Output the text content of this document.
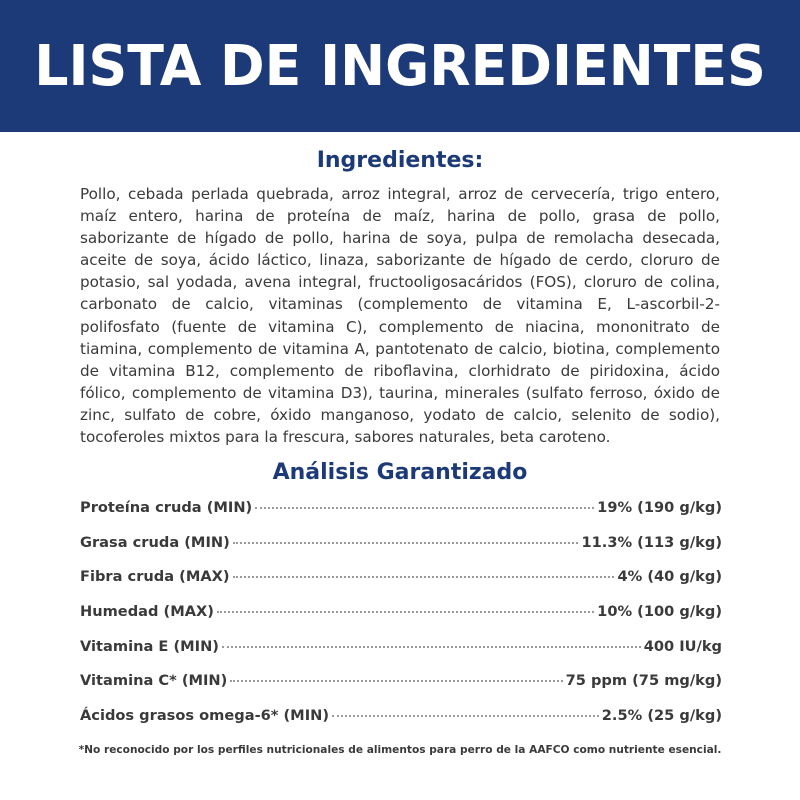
LISTA DE INGREDIENTES
Ingredientes:

Pollo, cebada perlada quebrada, arroz integral, arroz de cervecería, trigo entero, maíz entero, harina de proteína de maíz, harina de pollo, grasa de pollo, saborizante de hígado de pollo, harina de soya, pulpa de remolacha desecada, aceite de soya, ácido láctico, linaza, saborizante de hígado de cerdo, cloruro de potasio, sal yodada, avena integral, fructooligosacáridos (FOS), cloruro de colina, carbonato de calcio, vitaminas (complemento de vitamina E, L-ascorbil-2-polifosfato (fuente de vitamina C), complemento de niacina, mononitrato de tiamina, complemento de vitamina A, pantotenato de calcio, biotina, complemento de vitamina B12, complemento de riboflavina, clorhidrato de piridoxina, ácido fólico, complemento de vitamina D3), taurina, minerales (sulfato ferroso, óxido de zinc, sulfato de cobre, óxido manganoso, yodato de calcio, selenito de sodio), tocoferoles mixtos para la frescura, sabores naturales, beta caroteno.

Análisis Garantizado
Proteína cruda (MIN)	19% (190 g/kg)
Grasa cruda (MIN)	11.3% (113 g/kg)
Fibra cruda (MAX)	4% (40 g/kg)
Humedad (MAX)	10% (100 g/kg)
Vitamina E (MIN)	400 IU/kg
Vitamina C* (MIN)	75 ppm (75 mg/kg)
Ácidos grasos omega-6* (MIN)	2.5% (25 g/kg)
*No reconocido por los perfiles nutricionales de alimentos para perro de la AAFCO como nutriente esencial.
